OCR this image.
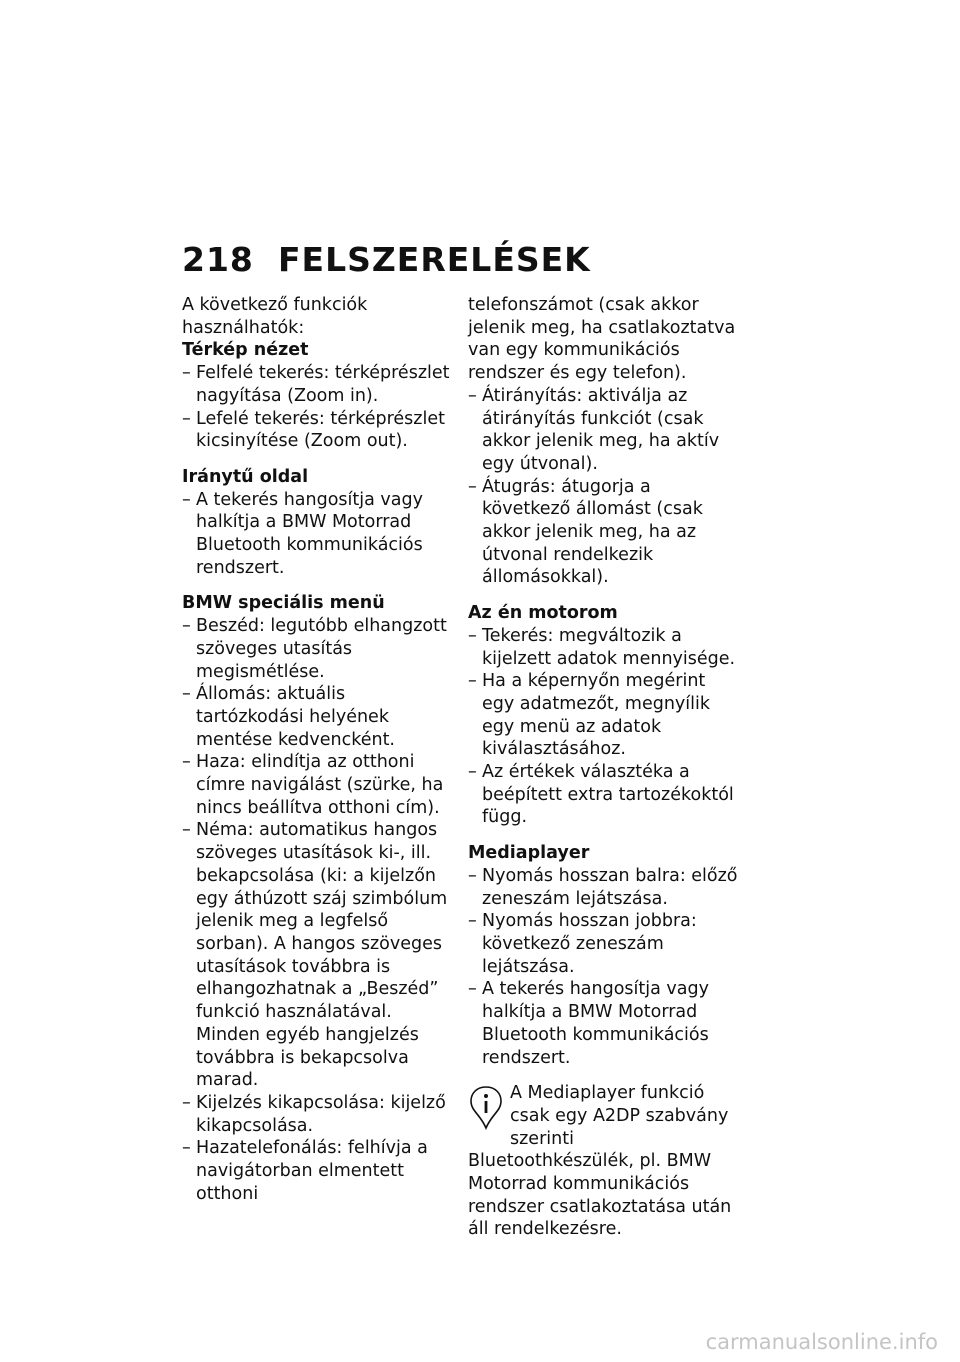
218 FELSZERELÉSEK

A következő funkciók használhatók:

Térkép nézet
– Felfelé tekerés: térképrészlet nagyítása (Zoom in).
– Lefelé tekerés: térképrészlet kicsinyítése (Zoom out).
Iránytű oldal
– A tekerés hangosítja vagy halkítja a BMW Motorrad Bluetooth kommunikációs rendszert.
BMW speciális menü
– Beszéd: legutóbb elhangzott szöveges utasítás megismétlése.
– Állomás: aktuális tartózkodási helyének mentése kedvencként.
– Haza: elindítja az otthoni címre navigálást (szürke, ha nincs beállítva otthoni cím).
– Néma: automatikus hangos szöveges utasítások ki-, ill. bekapcsolása (ki: a kijelzőn egy áthúzott száj szimbólum jelenik meg a legfelső sorban). A hangos szöveges utasítások továbbra is elhangozhatnak a „Beszéd” funkció használatával. Minden egyéb hangjelzés továbbra is bekapcsolva marad.
– Kijelzés kikapcsolása: kijelző kikapcsolása.
– Hazatelefonálás: felhívja a navigátorban elmentett otthoni

telefonszámot (csak akkor jelenik meg, ha csatlakoztatva van egy kommunikációs rendszer és egy telefon).

– Átirányítás: aktiválja az átirányítás funkciót (csak akkor jelenik meg, ha aktív egy útvonal).
– Átugrás: átugorja a következő állomást (csak akkor jelenik meg, ha az útvonal rendelkezik állomásokkal).
Az én motorom
– Tekerés: megváltozik a kijelzett adatok mennyisége.
– Ha a képernyőn megérint egy adatmezőt, megnyílik egy menü az adatok kiválasztásához.
– Az értékek választéka a beépített extra tartozékoktól függ.
Mediaplayer
– Nyomás hosszan balra: előző zeneszám lejátszása.
– Nyomás hosszan jobbra: következő zeneszám lejátszása.
– A tekerés hangosítja vagy halkítja a BMW Motorrad Bluetooth kommunikációs rendszert.
A Mediaplayer funkció csak egy A2DP szabvány szerinti Bluetoothkészülék, pl. BMW Motorrad kommunikációs rendszer csatlakoztatása után áll rendelkezésre.
carmanualsonline.info
